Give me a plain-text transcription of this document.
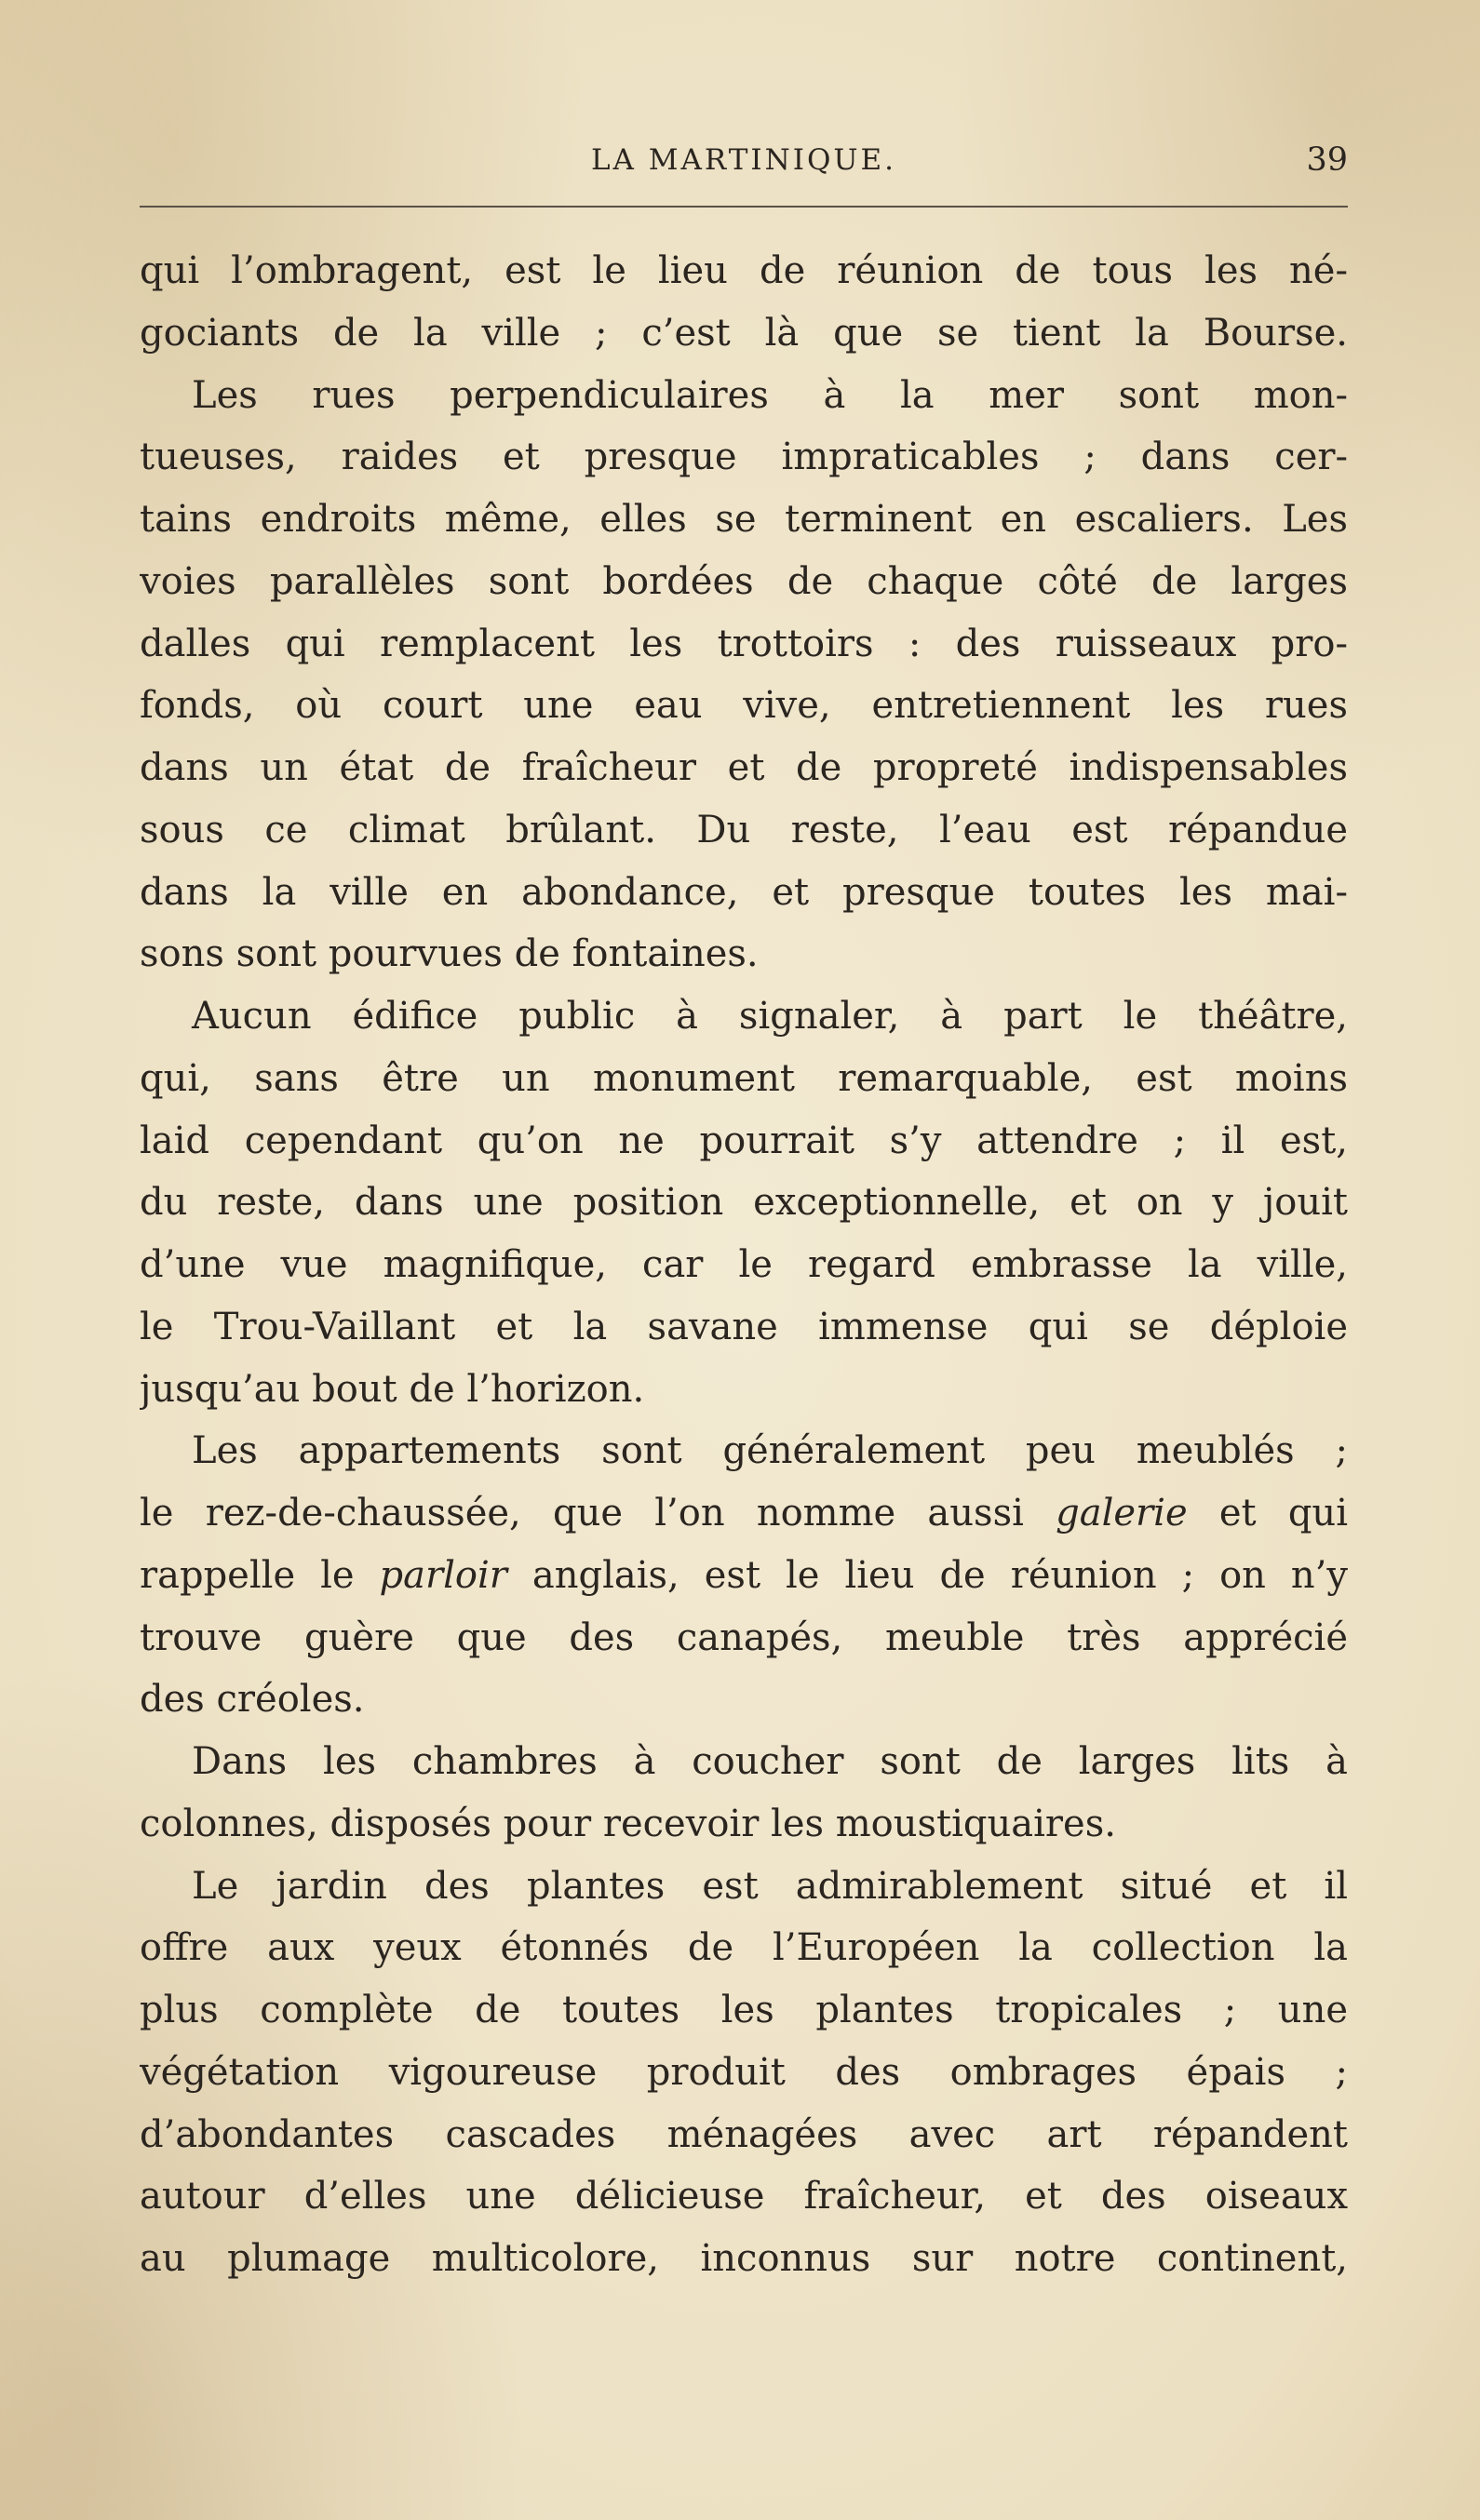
LA MARTINIQUE.	39
qui l’ombragent, est le lieu de réunion de tous les né-
gociants de la ville ; c’est là que se tient la Bourse.
Les rues perpendiculaires à la mer sont mon-
tueuses, raides et presque impraticables ; dans cer-
tains endroits même, elles se terminent en escaliers. Les
voies parallèles sont bordées de chaque côté de larges
dalles qui remplacent les trottoirs : des ruisseaux pro-
fonds, où court une eau vive, entretiennent les rues
dans un état de fraîcheur et de propreté indispensables
sous ce climat brûlant. Du reste, l’eau est répandue
dans la ville en abondance, et presque toutes les mai-
sons sont pourvues de fontaines.
Aucun édifice public à signaler, à part le théâtre,
qui, sans être un monument remarquable, est moins
laid cependant qu’on ne pourrait s’y attendre ; il est,
du reste, dans une position exceptionnelle, et on y jouit
d’une vue magnifique, car le regard embrasse la ville,
le Trou-Vaillant et la savane immense qui se déploie
jusqu’au bout de l’horizon.
Les appartements sont généralement peu meublés ;
le rez-de-chaussée, que l’on nomme aussi galerie et qui
rappelle le parloir anglais, est le lieu de réunion ; on n’y
trouve guère que des canapés, meuble très apprécié
des créoles.
Dans les chambres à coucher sont de larges lits à
colonnes, disposés pour recevoir les moustiquaires.
Le jardin des plantes est admirablement situé et il
offre aux yeux étonnés de l’Européen la collection la
plus complète de toutes les plantes tropicales ; une
végétation vigoureuse produit des ombrages épais ;
d’abondantes cascades ménagées avec art répandent
autour d’elles une délicieuse fraîcheur, et des oiseaux
au plumage multicolore, inconnus sur notre continent,
